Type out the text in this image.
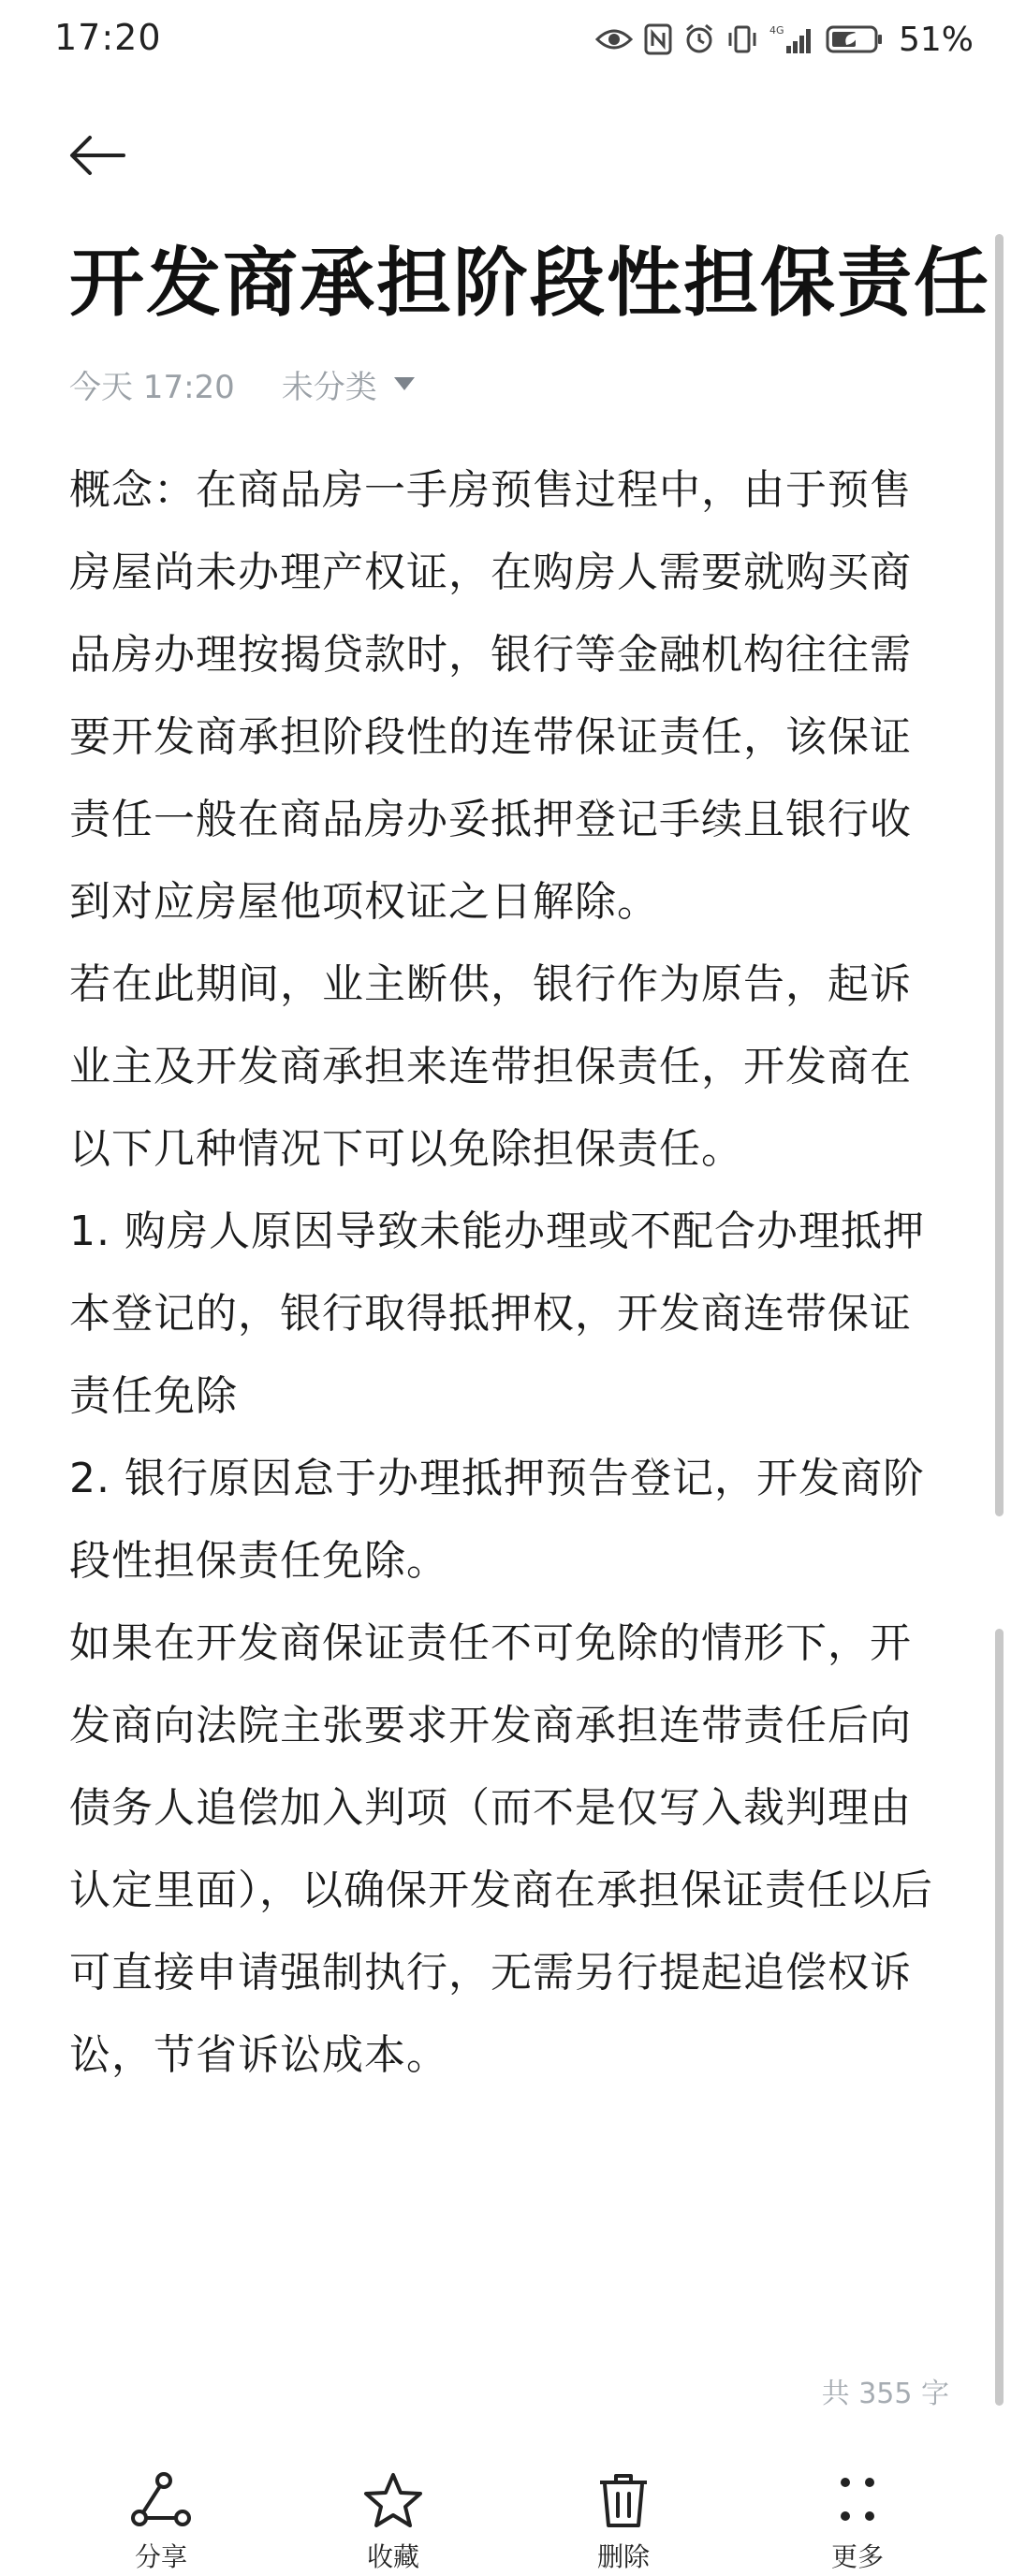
17:20	4G	51%
开发商承担阶段性担保责任
今天 17:20 未分类

概念：在商品房一手房预售过程中，由于预售房屋尚未办理产权证，在购房人需要就购买商品房办理按揭贷款时，银行等金融机构往往需要开发商承担阶段性的连带保证责任，该保证责任一般在商品房办妥抵押登记手续且银行收到对应房屋他项权证之日解除。

若在此期间，业主断供，银行作为原告，起诉业主及开发商承担来连带担保责任，开发商在以下几种情况下可以免除担保责任。

1. 购房人原因导致未能办理或不配合办理抵押本登记的，银行取得抵押权，开发商连带保证责任免除

2. 银行原因怠于办理抵押预告登记，开发商阶段性担保责任免除。

如果在开发商保证责任不可免除的情形下，开发商向法院主张要求开发商承担连带责任后向债务人追偿加入判项（而不是仅写入裁判理由认定里面），以确保开发商在承担保证责任以后可直接申请强制执行，无需另行提起追偿权诉讼，节省诉讼成本。

共 355 字
分享	收藏	删除	更多
